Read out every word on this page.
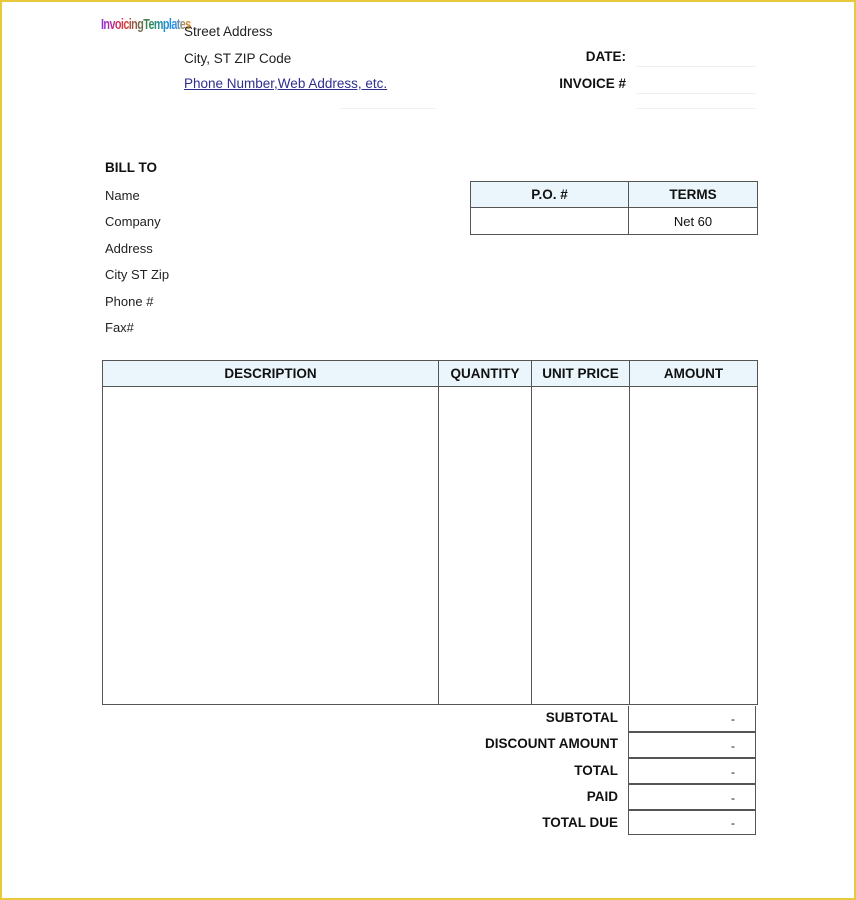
InvoicingTemplates
Street Address
City, ST ZIP Code
Phone Number,Web Address, etc.
DATE:
INVOICE #
BILL TO
Name
Company
Address
City ST Zip
Phone #
Fax#
P.O. #	TERMS
	Net 60
DESCRIPTION	QUANTITY	UNIT PRICE	AMOUNT

SUBTOTAL	-
DISCOUNT AMOUNT	-
TOTAL	-
PAID	-
TOTAL DUE	-
